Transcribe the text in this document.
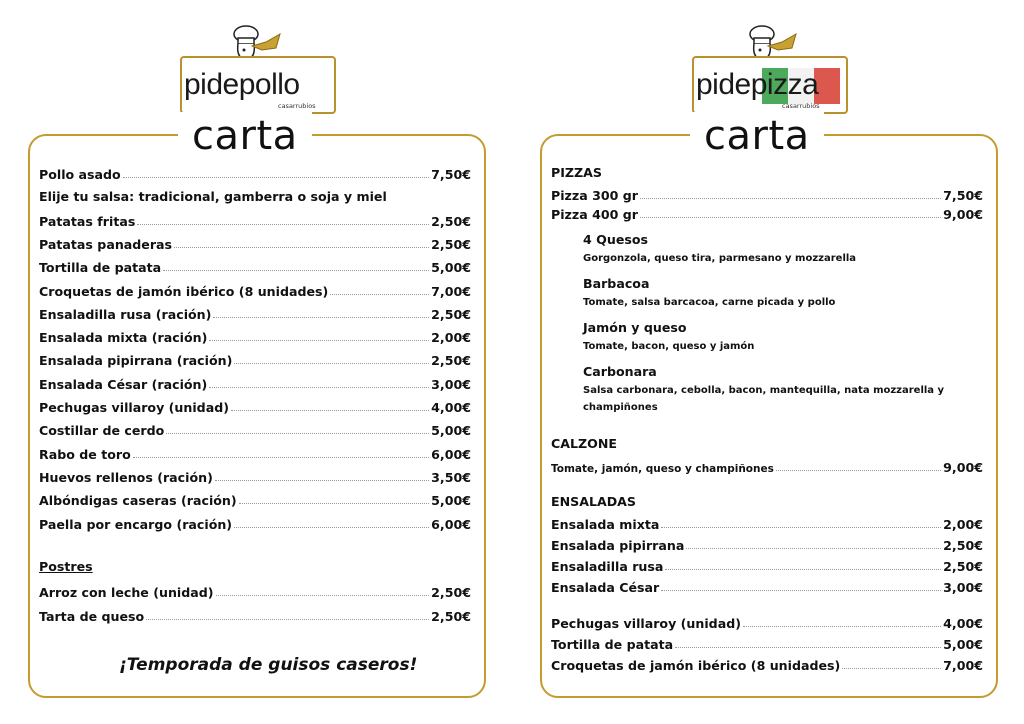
pidepollo
casarrubios
pidepizza
casarrubios
carta
Pollo asado	7,50€
Elije tu salsa: tradicional, gamberra o soja y miel
Patatas fritas	2,50€
Patatas panaderas	2,50€
Tortilla de patata	5,00€
Croquetas de jamón ibérico (8 unidades)	7,00€
Ensaladilla rusa (ración)	2,50€
Ensalada mixta (ración)	2,00€
Ensalada pipirrana (ración)	2,50€
Ensalada César (ración)	3,00€
Pechugas villaroy (unidad)	4,00€
Costillar de cerdo	5,00€
Rabo de toro	6,00€
Huevos rellenos (ración)	3,50€
Albóndigas caseras (ración)	5,00€
Paella por encargo (ración)	6,00€
Postres
Arroz con leche (unidad)	2,50€
Tarta de queso	2,50€
¡Temporada de guisos caseros!
carta
PIZZAS
Pizza 300 gr	7,50€
Pizza 400 gr	9,00€
4 Quesos
Gorgonzola, queso tira, parmesano y mozzarella
Barbacoa
Tomate, salsa barcacoa, carne picada y pollo
Jamón y queso
Tomate, bacon, queso y jamón
Carbonara
Salsa carbonara, cebolla, bacon, mantequilla, nata mozzarella y champiñones
CALZONE
Tomate, jamón, queso y champiñones	9,00€
ENSALADAS
Ensalada mixta	2,00€
Ensalada pipirrana	2,50€
Ensaladilla rusa	2,50€
Ensalada César	3,00€
Pechugas villaroy (unidad)	4,00€
Tortilla de patata	5,00€
Croquetas de jamón ibérico (8 unidades)	7,00€
